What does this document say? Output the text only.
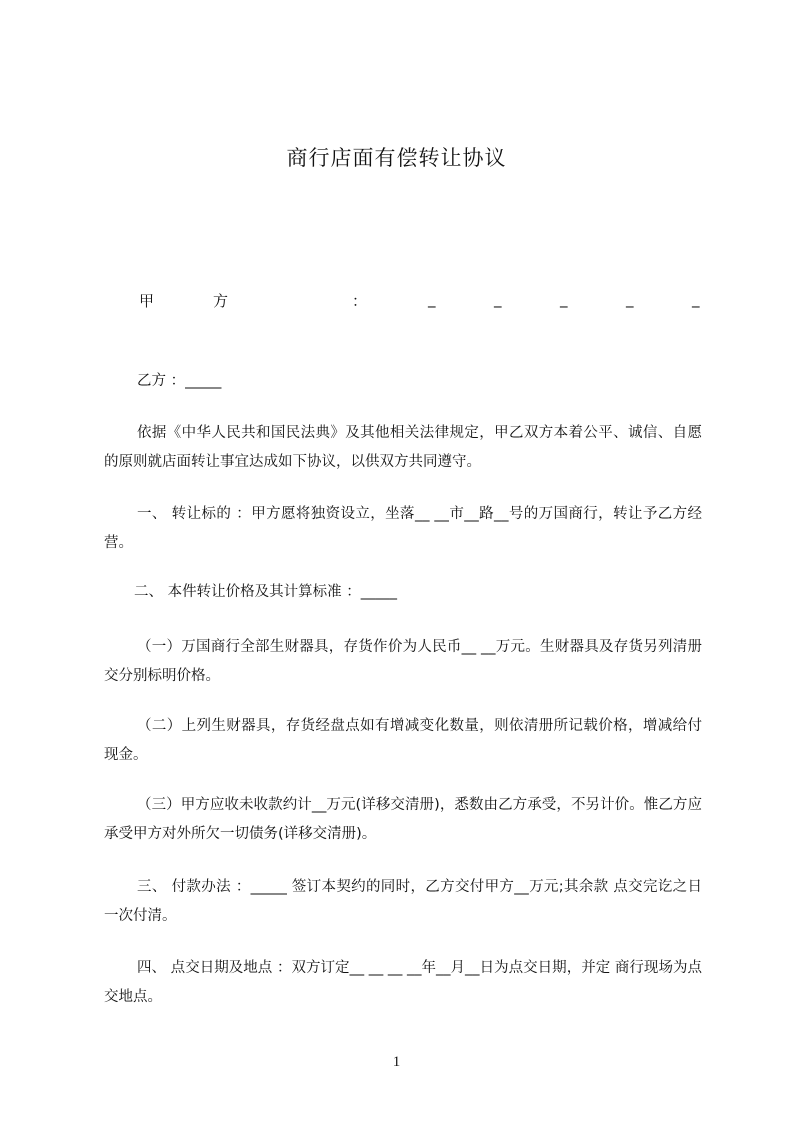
商行店面有偿转让协议
甲	方	：	_	_	_	_	_
乙方 ：_____
依据《中华人民共和国民法典》及其他相关法律规定，甲乙双方本着公平、诚信、自愿的原则就店面转让事宜达成如下协议，以供双方共同遵守。
一、 转让标的 ：甲方愿将独资设立，坐落__ __市__路__号的万国商行，转让予乙方经营。
二、 本件转让价格及其计算标准 ：_____
（一）万国商行全部生财器具，存货作价为人民币__ __万元。生财器具及存货另列清册交分别标明价格。
（二）上列生财器具，存货经盘点如有增减变化数量，则依清册所记载价格，增减给付现金。
（三）甲方应收未收款约计__万元(详移交清册)，悉数由乙方承受，不另计价。惟乙方应承受甲方对外所欠一切债务(详移交清册)。
三、 付款办法 ：_____ 签订本契约的同时，乙方交付甲方__万元;其余款 点交完讫之日一次付清。
四、 点交日期及地点 ：双方订定__ __ __ __年__月__日为点交日期，并定 商行现场为点交地点。
1
